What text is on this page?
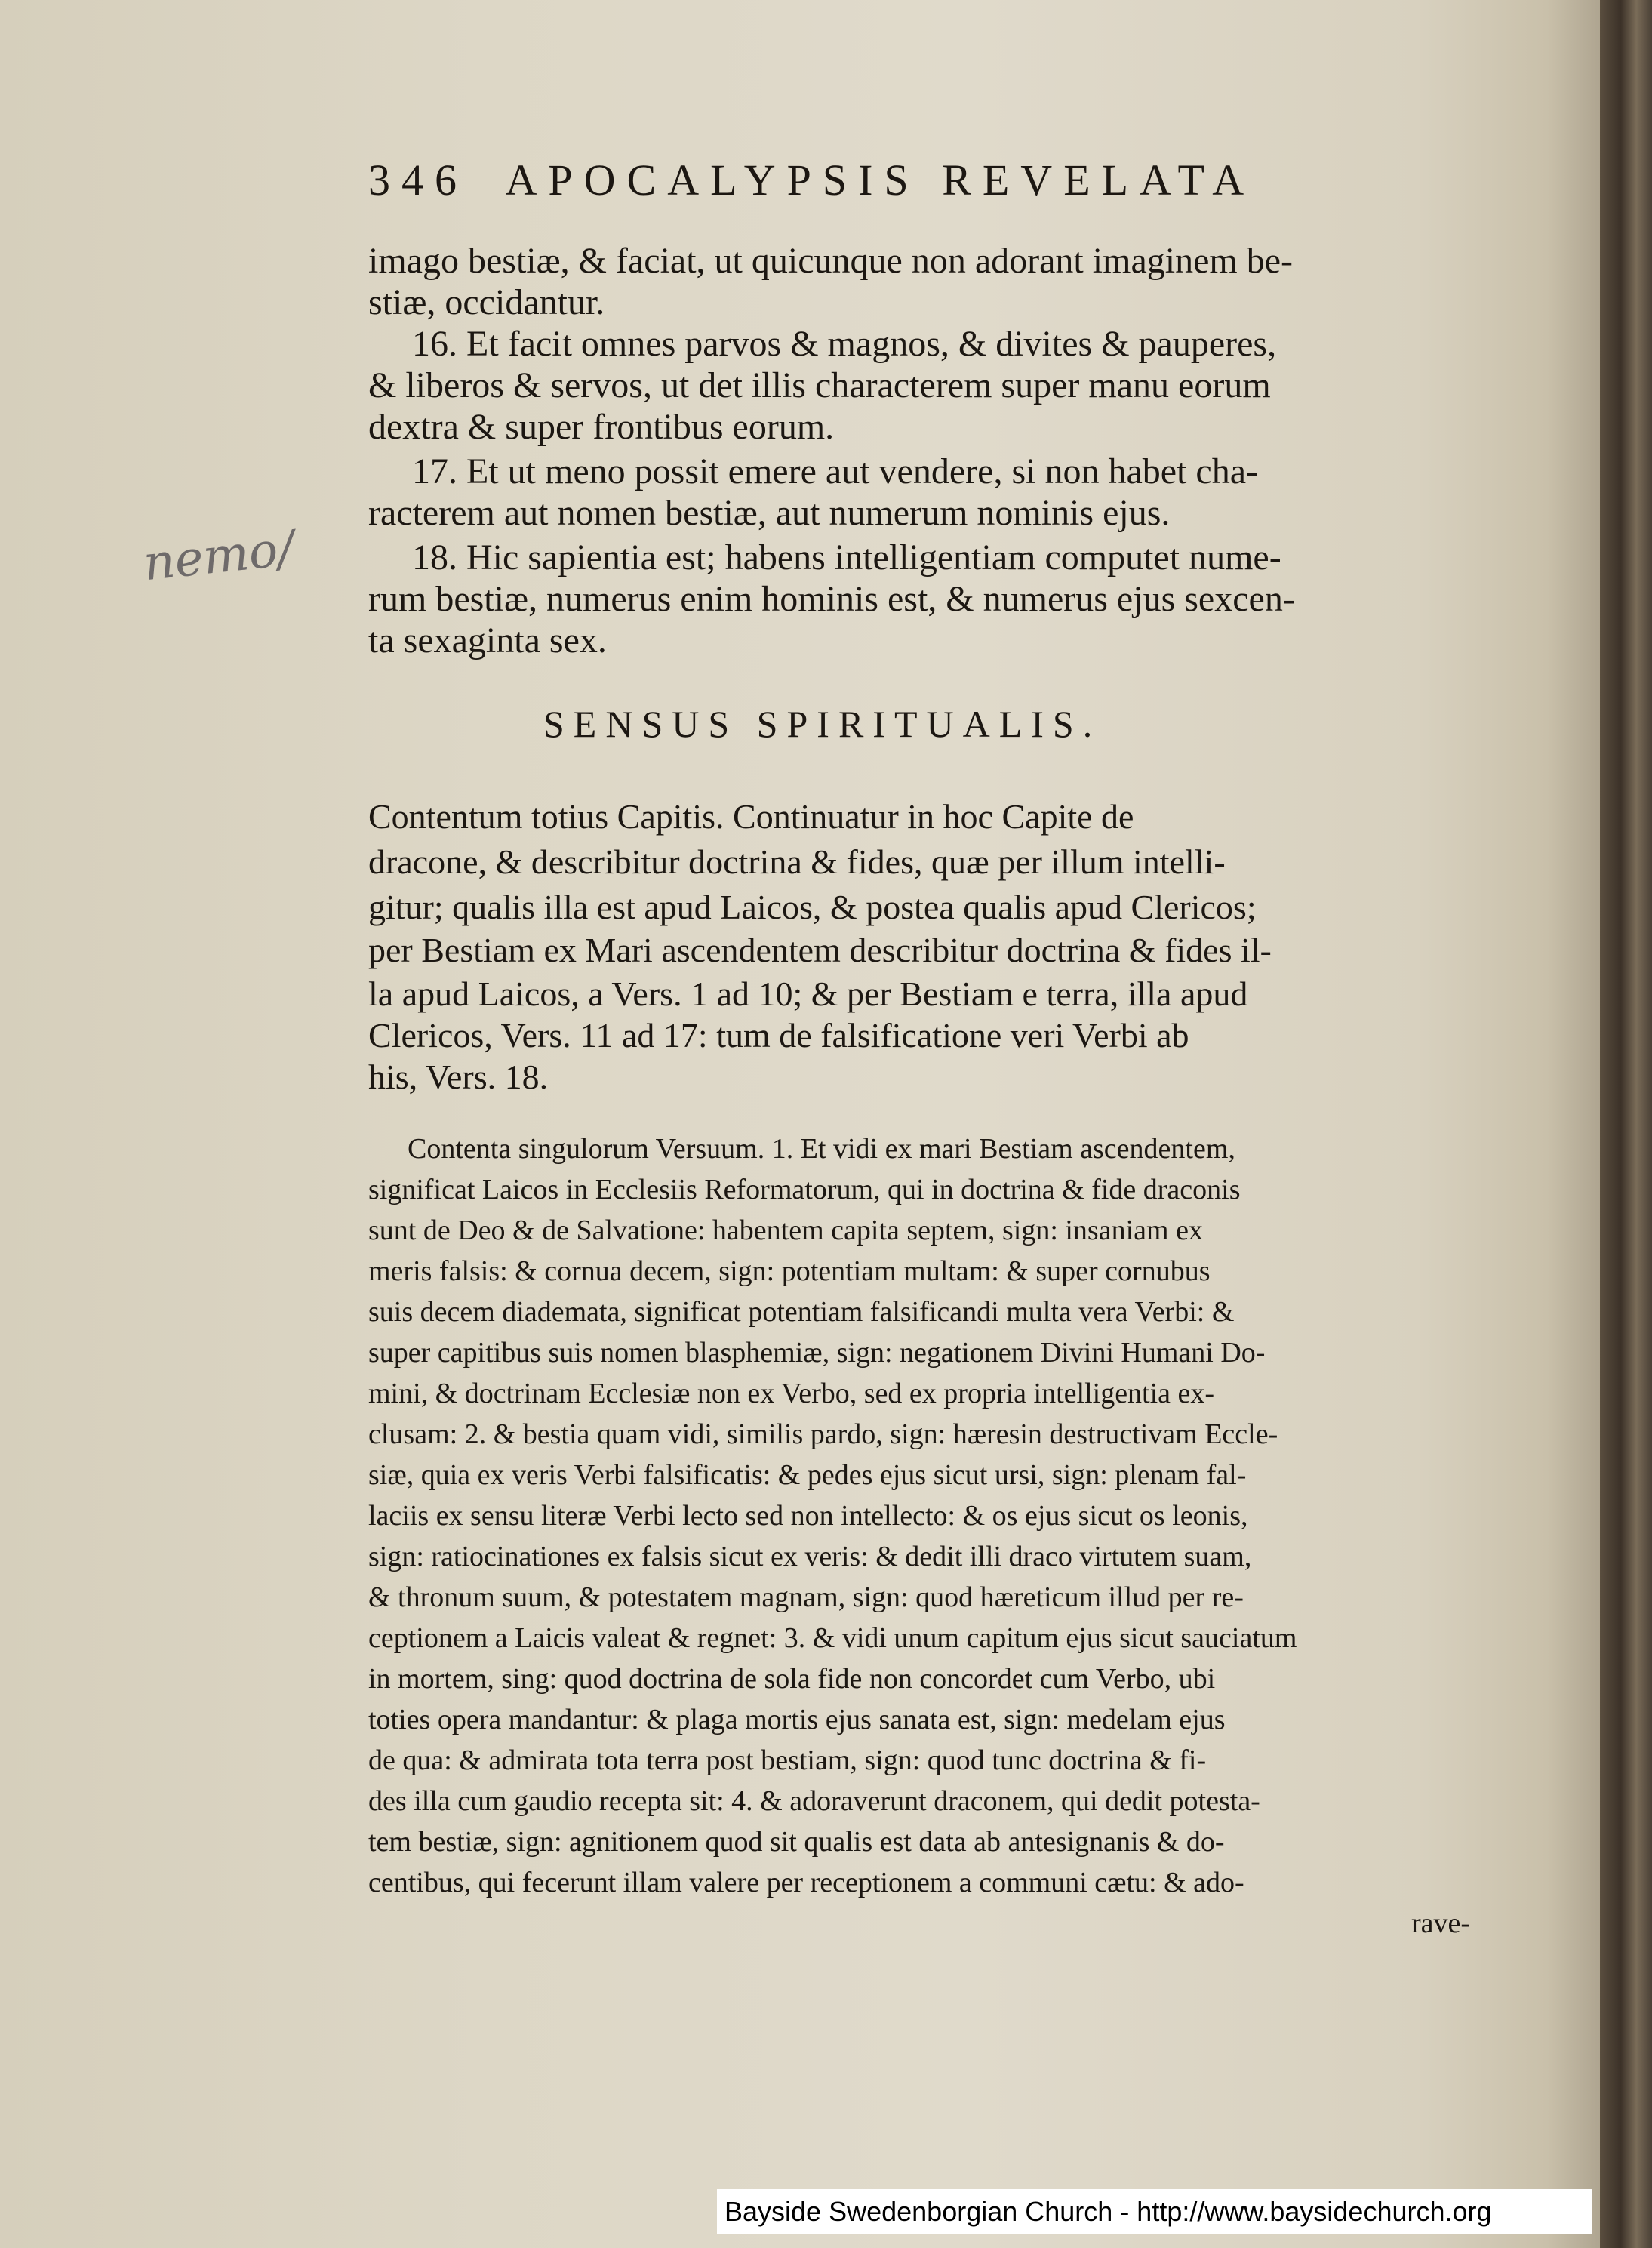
346 APOCALYPSIS REVELATA
nemo/
imago bestiæ, & faciat, ut quicunque non adorant imaginem be-
stiæ, occidantur.
16. Et facit omnes parvos & magnos, & divites & pauperes,
& liberos & servos, ut det illis characterem super manu eorum
dextra & super frontibus eorum.
17. Et ut meno possit emere aut vendere, si non habet cha-
racterem aut nomen bestiæ, aut numerum nominis ejus.
18. Hic sapientia est; habens intelligentiam computet nume-
rum bestiæ, numerus enim hominis est, & numerus ejus sexcen-
ta sexaginta sex.
SENSUS SPIRITUALIS.
Contentum totius Capitis. Continuatur in hoc Capite de
dracone, & describitur doctrina & fides, quæ per illum intelli-
gitur; qualis illa est apud Laicos, & postea qualis apud Clericos;
per Bestiam ex Mari ascendentem describitur doctrina & fides il-
la apud Laicos, a Vers. 1 ad 10; & per Bestiam e terra, illa apud
Clericos, Vers. 11 ad 17: tum de falsificatione veri Verbi ab
his, Vers. 18.
Contenta singulorum Versuum. 1. Et vidi ex mari Bestiam ascendentem,
significat Laicos in Ecclesiis Reformatorum, qui in doctrina & fide draconis
sunt de Deo & de Salvatione: habentem capita septem, sign: insaniam ex
meris falsis: & cornua decem, sign: potentiam multam: & super cornubus
suis decem diademata, significat potentiam falsificandi multa vera Verbi: &
super capitibus suis nomen blasphemiæ, sign: negationem Divini Humani Do-
mini, & doctrinam Ecclesiæ non ex Verbo, sed ex propria intelligentia ex-
clusam: 2. & bestia quam vidi, similis pardo, sign: hæresin destructivam Eccle-
siæ, quia ex veris Verbi falsificatis: & pedes ejus sicut ursi, sign: plenam fal-
laciis ex sensu literæ Verbi lecto sed non intellecto: & os ejus sicut os leonis,
sign: ratiocinationes ex falsis sicut ex veris: & dedit illi draco virtutem suam,
& thronum suum, & potestatem magnam, sign: quod hæreticum illud per re-
ceptionem a Laicis valeat & regnet: 3. & vidi unum capitum ejus sicut sauciatum
in mortem, sing: quod doctrina de sola fide non concordet cum Verbo, ubi
toties opera mandantur: & plaga mortis ejus sanata est, sign: medelam ejus
de qua: & admirata tota terra post bestiam, sign: quod tunc doctrina & fi-
des illa cum gaudio recepta sit: 4. & adoraverunt draconem, qui dedit potesta-
tem bestiæ, sign: agnitionem quod sit qualis est data ab antesignanis & do-
centibus, qui fecerunt illam valere per receptionem a communi cætu: & ado-
rave-
Bayside Swedenborgian Church - http://www.baysidechurch.org
